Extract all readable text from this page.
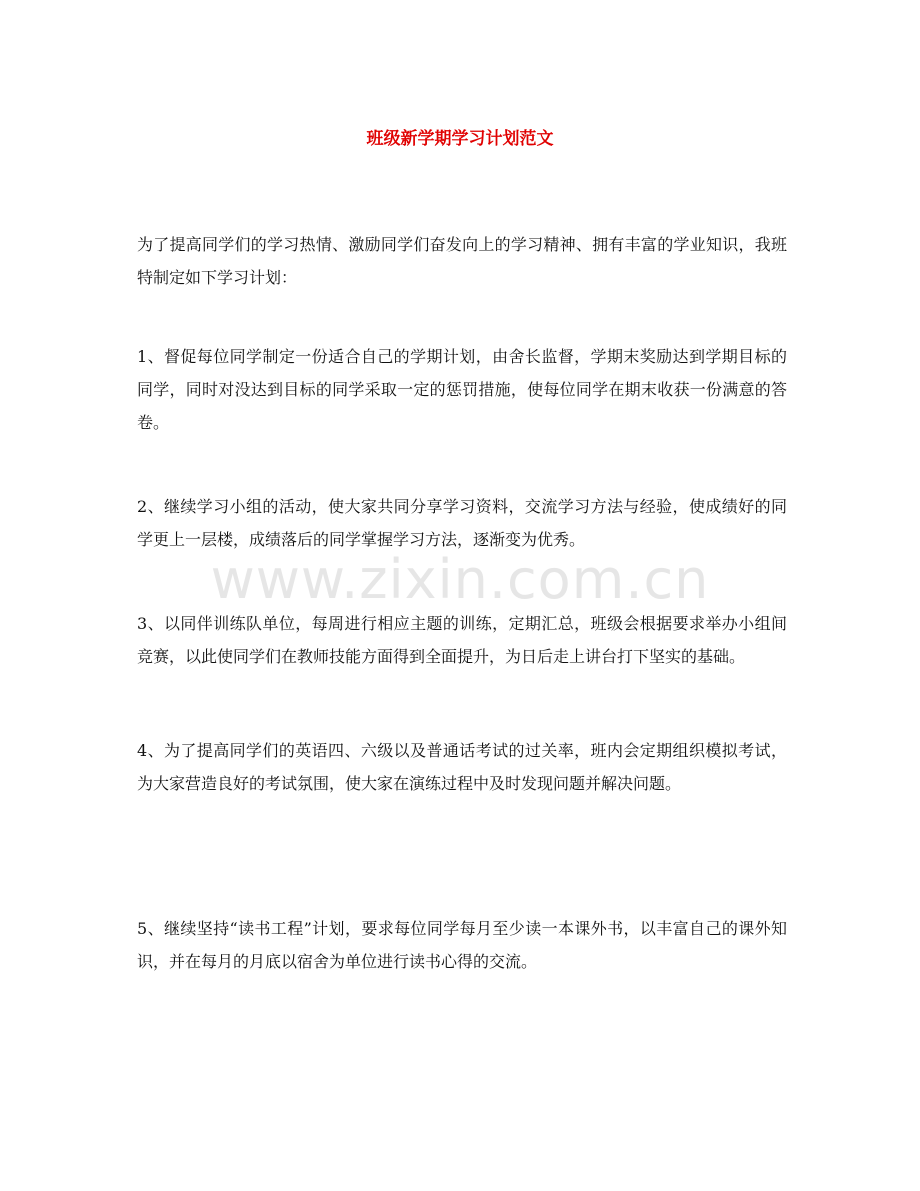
班级新学期学习计划范文
www.zixin.com.cn

为了提高同学们的学习热情、激励同学们奋发向上的学习精神、拥有丰富的学业知识，我班特制定如下学习计划：

1、督促每位同学制定一份适合自己的学期计划，由舍长监督，学期末奖励达到学期目标的同学，同时对没达到目标的同学采取一定的惩罚措施，使每位同学在期末收获一份满意的答卷。

2、继续学习小组的活动，使大家共同分享学习资料，交流学习方法与经验，使成绩好的同学更上一层楼，成绩落后的同学掌握学习方法，逐渐变为优秀。

3、以同伴训练队单位，每周进行相应主题的训练，定期汇总，班级会根据要求举办小组间竞赛，以此使同学们在教师技能方面得到全面提升，为日后走上讲台打下坚实的基础。

4、为了提高同学们的英语四、六级以及普通话考试的过关率，班内会定期组织模拟考试，为大家营造良好的考试氛围，使大家在演练过程中及时发现问题并解决问题。

5、继续坚持“读书工程”计划，要求每位同学每月至少读一本课外书，以丰富自己的课外知识，并在每月的月底以宿舍为单位进行读书心得的交流。
